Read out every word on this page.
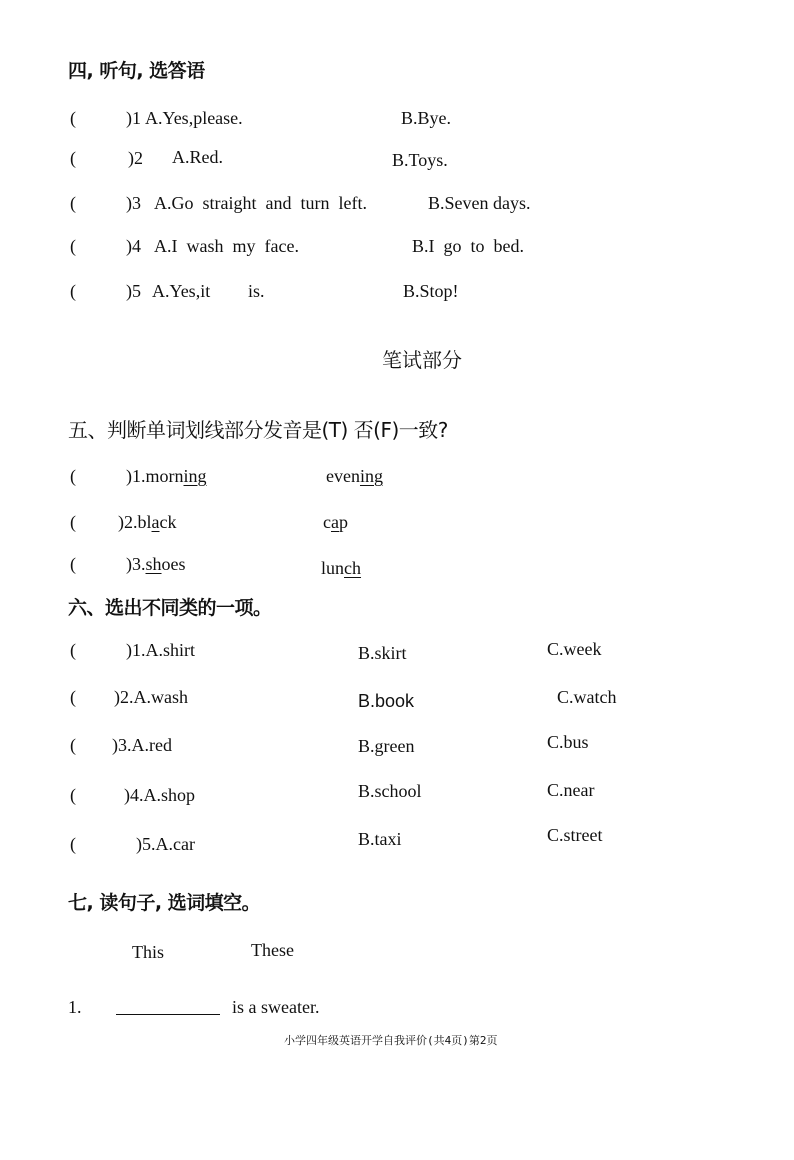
四, 听句, 选答语
(	)1 A.Yes,please.	B.Bye.
(	)2 A.Red.	B.Toys.
(	)3 A.Go  straight  and  turn  left.	B.Seven days.
(	)4 A.I  wash  my  face.	B.I  go  to  bed.
(	)5 A.Yes,it is.	B.Stop!
笔试部分
五、判断单词划线部分发音是(T) 否(F)一致?
(	)1.morning	evening
( )2.black	cap
(	)3.shoes	lunch
六、选出不同类的一项。
(	)1.A.shirt	B.skirt	C.week
( )2.A.wash	B.book	C.watch
( )3.A.red	B.green	C.bus
(	)4.A.shop	B.school	C.near
(	)5.A.car	B.taxi	C.street
七, 读句子, 选词填空。
This	These
1.	is a sweater.
小学四年级英语开学自我评价(共4页)第2页
